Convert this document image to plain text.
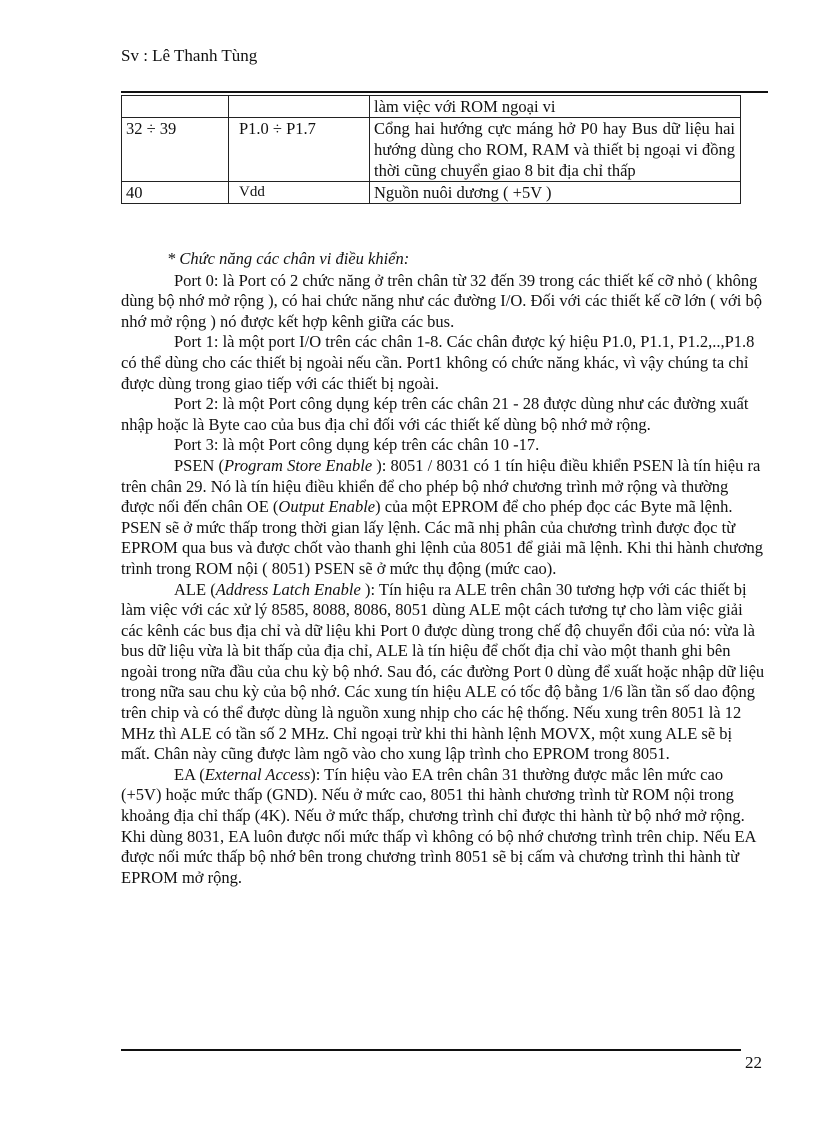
Sv : Lê Thanh Tùng
		làm việc với ROM ngoại vi
32 ÷ 39	P1.0 ÷ P1.7	Cổng hai hướng cực máng hở P0 hay Bus dữ liệu hai hướng dùng cho ROM, RAM và thiết bị ngoại vi đồng thời cũng chuyển giao 8 bit địa chỉ thấp
40	Vdd	Nguồn nuôi dương ( +5V )

* Chức năng các chân vi điều khiển:

Port 0: là Port có 2 chức năng ở trên chân từ 32 đến 39 trong các thiết kế cỡ nhỏ ( không dùng bộ nhớ mở rộng ), có hai chức năng như các đường I/O. Đối với các thiết kế cỡ lớn ( với bộ nhớ mở rộng ) nó được kết hợp kênh giữa các bus.

Port 1: là một port I/O trên các chân 1-8. Các chân được ký hiệu P1.0, P1.1, P1.2,..,P1.8 có thể dùng cho các thiết bị ngoài nếu cần. Port1 không có chức năng khác, vì vậy chúng ta chỉ được dùng trong giao tiếp với các thiết bị ngoài.

Port 2: là một Port công dụng kép trên các chân 21 - 28 được dùng như các đường xuất nhập hoặc là Byte cao của bus địa chỉ đối với các thiết kế dùng bộ nhớ mở rộng.

Port 3: là một Port công dụng kép trên các chân 10 -17.

PSEN (Program Store Enable ): 8051 / 8031 có 1 tín hiệu điều khiển PSEN là tín hiệu ra trên chân 29. Nó là tín hiệu điều khiển để cho phép bộ nhớ chương trình mở rộng và thường được nối đến chân OE (Output Enable) của một EPROM để cho phép đọc các Byte mã lệnh. PSEN sẽ ở mức thấp trong thời gian lấy lệnh. Các mã nhị phân của chương trình được đọc từ EPROM qua bus và được chốt vào thanh ghi lệnh của 8051 để giải mã lệnh. Khi thi hành chương trình trong ROM nội ( 8051) PSEN sẽ ở mức thụ động (mức cao).

ALE (Address Latch Enable ): Tín hiệu ra ALE trên chân 30 tương hợp với các thiết bị làm việc với các xử lý 8585, 8088, 8086, 8051 dùng ALE một cách tương tự cho làm việc giải các kênh các bus địa chỉ và dữ liệu khi Port 0 được dùng trong chế độ chuyển đổi của nó: vừa là bus dữ liệu vừa là bit thấp của địa chỉ, ALE là tín hiệu để chốt địa chỉ vào một thanh ghi bên ngoài trong nữa đầu của chu kỳ bộ nhớ. Sau đó, các đường Port 0 dùng để xuất hoặc nhập dữ liệu trong nữa sau chu kỳ của bộ nhớ. Các xung tín hiệu ALE có tốc độ bằng 1/6 lần tần số dao động trên chip và có thể được dùng là nguồn xung nhịp cho các hệ thống. Nếu xung trên 8051 là 12 MHz thì ALE có tần số 2 MHz. Chỉ ngoại trừ khi thi hành lệnh MOVX, một xung ALE sẽ bị mất. Chân này cũng được làm ngõ vào cho xung lập trình cho EPROM trong 8051.

EA (External Access): Tín hiệu vào EA trên chân 31 thường được mắc lên mức cao (+5V) hoặc mức thấp (GND). Nếu ở mức cao, 8051 thi hành chương trình từ ROM nội trong khoảng địa chỉ thấp (4K). Nếu ở mức thấp, chương trình chỉ được thi hành từ bộ nhớ mở rộng. Khi dùng 8031, EA luôn được nối mức thấp vì không có bộ nhớ chương trình trên chip. Nếu EA được nối mức thấp bộ nhớ bên trong chương trình 8051 sẽ bị cấm và chương trình thi hành từ EPROM mở rộng.

22
